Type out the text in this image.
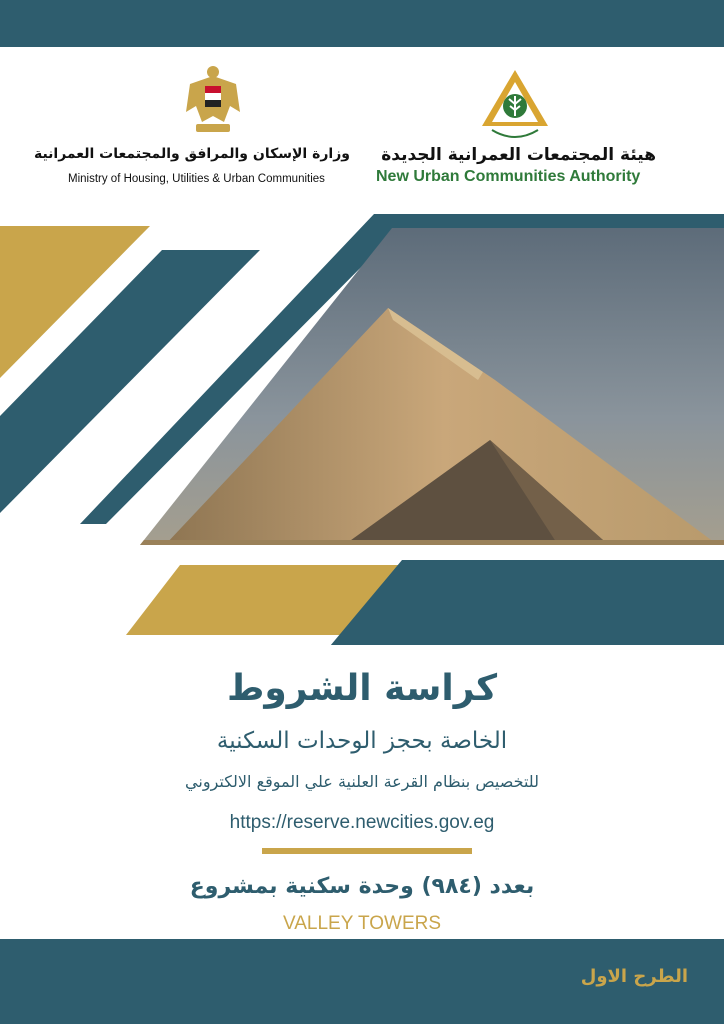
هيئة المجتمعات العمرانية الجديدة
New Urban Communities Authority
وزارة الإسكان والمرافق والمجتمعات العمرانية
Ministry of Housing, Utilities & Urban Communities
كراسة الشروط
الخاصة بحجز الوحدات السكنية
للتخصيص بنظام القرعة العلنية علي الموقع الالكتروني
https://reserve.newcities.gov.eg
بعدد (٩٨٤) وحدة سكنية بمشروع
VALLEY TOWERS
الطرح الاول
